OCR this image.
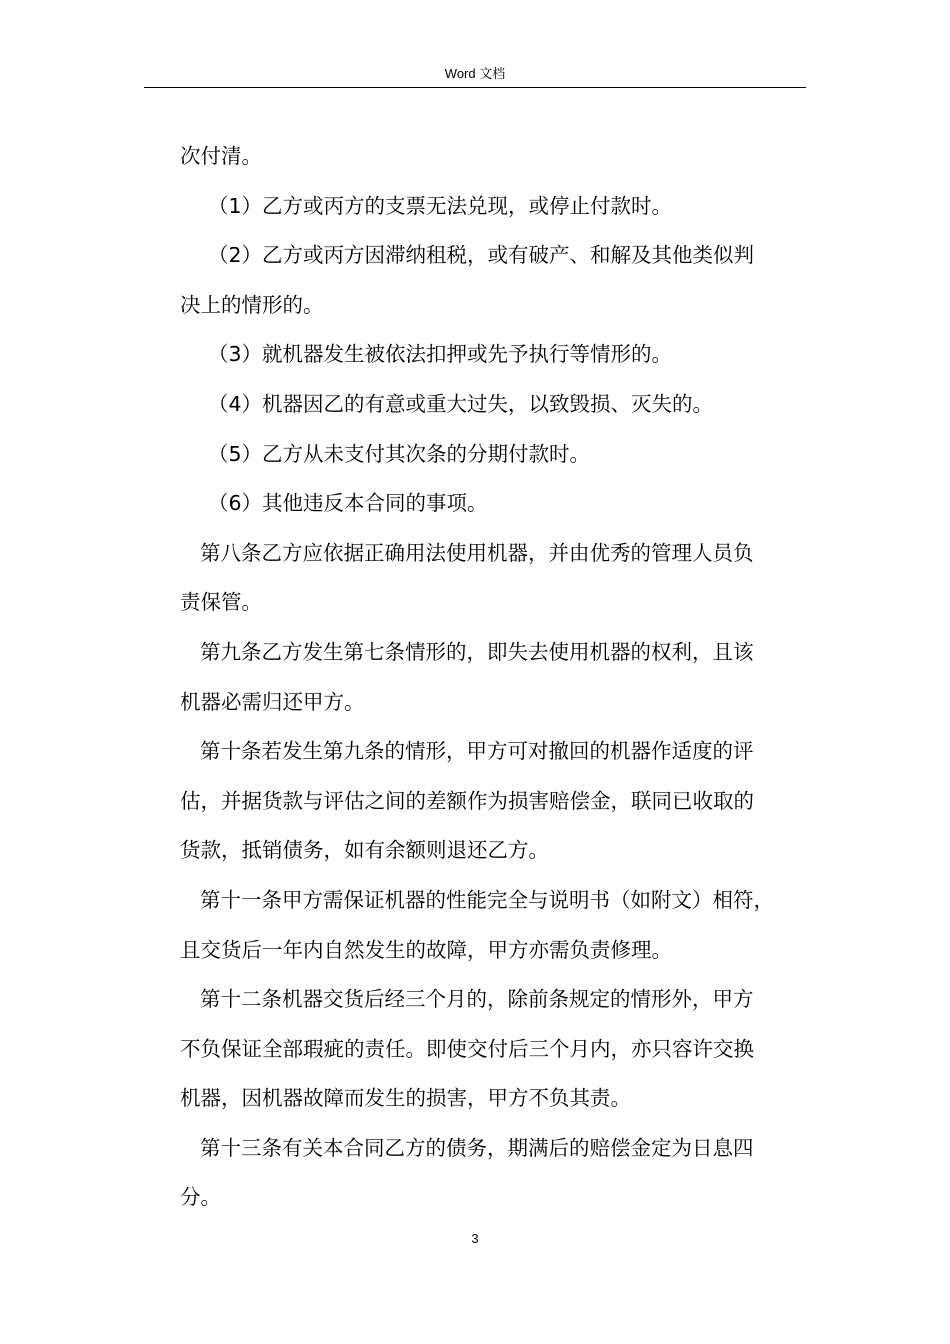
Word 文档

次付清。

（1）乙方或丙方的支票无法兑现，或停止付款时。

（2）乙方或丙方因滞纳租税，或有破产、和解及其他类似判

决上的情形的。

（3）就机器发生被依法扣押或先予执行等情形的。

（4）机器因乙的有意或重大过失，以致毁损、灭失的。

（5）乙方从未支付其次条的分期付款时。

（6）其他违反本合同的事项。

第八条乙方应依据正确用法使用机器，并由优秀的管理人员负

责保管。

第九条乙方发生第七条情形的，即失去使用机器的权利，且该

机器必需归还甲方。

第十条若发生第九条的情形，甲方可对撤回的机器作适度的评

估，并据货款与评估之间的差额作为损害赔偿金，联同已收取的

货款，抵销债务，如有余额则退还乙方。

第十一条甲方需保证机器的性能完全与说明书（如附文）相符，

且交货后一年内自然发生的故障，甲方亦需负责修理。

第十二条机器交货后经三个月的，除前条规定的情形外，甲方

不负保证全部瑕疵的责任。即使交付后三个月内，亦只容许交换

机器，因机器故障而发生的损害，甲方不负其责。

第十三条有关本合同乙方的债务，期满后的赔偿金定为日息四

分。

3
